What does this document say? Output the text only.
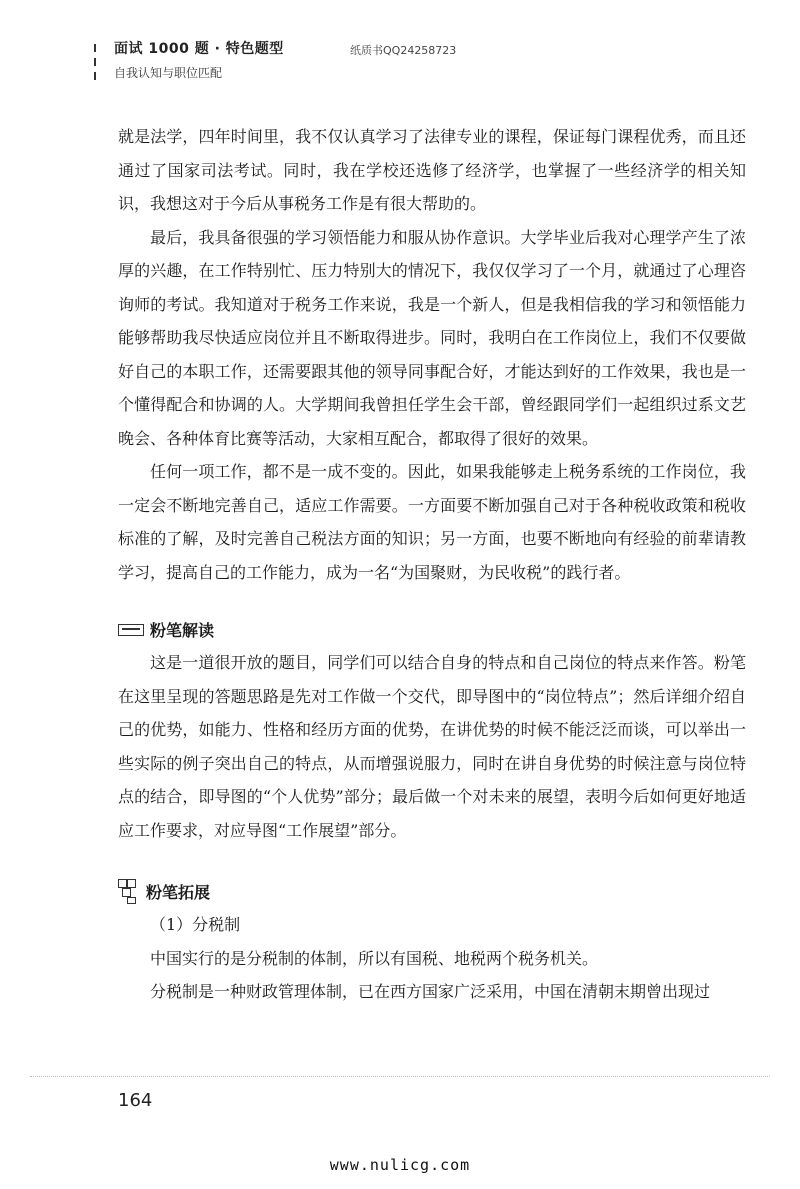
面试 1000 题 · 特色题型
自我认知与职位匹配
纸质书QQ24258723

就是法学，四年时间里，我不仅认真学习了法律专业的课程，保证每门课程优秀，而且还通过了国家司法考试。同时，我在学校还选修了经济学，也掌握了一些经济学的相关知识，我想这对于今后从事税务工作是有很大帮助的。

最后，我具备很强的学习领悟能力和服从协作意识。大学毕业后我对心理学产生了浓厚的兴趣，在工作特别忙、压力特别大的情况下，我仅仅学习了一个月，就通过了心理咨询师的考试。我知道对于税务工作来说，我是一个新人，但是我相信我的学习和领悟能力能够帮助我尽快适应岗位并且不断取得进步。同时，我明白在工作岗位上，我们不仅要做好自己的本职工作，还需要跟其他的领导同事配合好，才能达到好的工作效果，我也是一个懂得配合和协调的人。大学期间我曾担任学生会干部，曾经跟同学们一起组织过系文艺晚会、各种体育比赛等活动，大家相互配合，都取得了很好的效果。

任何一项工作，都不是一成不变的。因此，如果我能够走上税务系统的工作岗位，我一定会不断地完善自己，适应工作需要。一方面要不断加强自己对于各种税收政策和税收标准的了解，及时完善自己税法方面的知识；另一方面，也要不断地向有经验的前辈请教学习，提高自己的工作能力，成为一名“为国聚财，为民收税”的践行者。

粉笔解读

这是一道很开放的题目，同学们可以结合自身的特点和自己岗位的特点来作答。粉笔在这里呈现的答题思路是先对工作做一个交代，即导图中的“岗位特点”；然后详细介绍自己的优势，如能力、性格和经历方面的优势，在讲优势的时候不能泛泛而谈，可以举出一些实际的例子突出自己的特点，从而增强说服力，同时在讲自身优势的时候注意与岗位特点的结合，即导图的“个人优势”部分；最后做一个对未来的展望，表明今后如何更好地适应工作要求，对应导图“工作展望”部分。

粉笔拓展

（1）分税制

中国实行的是分税制的体制，所以有国税、地税两个税务机关。

分税制是一种财政管理体制，已在西方国家广泛采用，中国在清朝末期曾出现过

164
www.nulicg.com
